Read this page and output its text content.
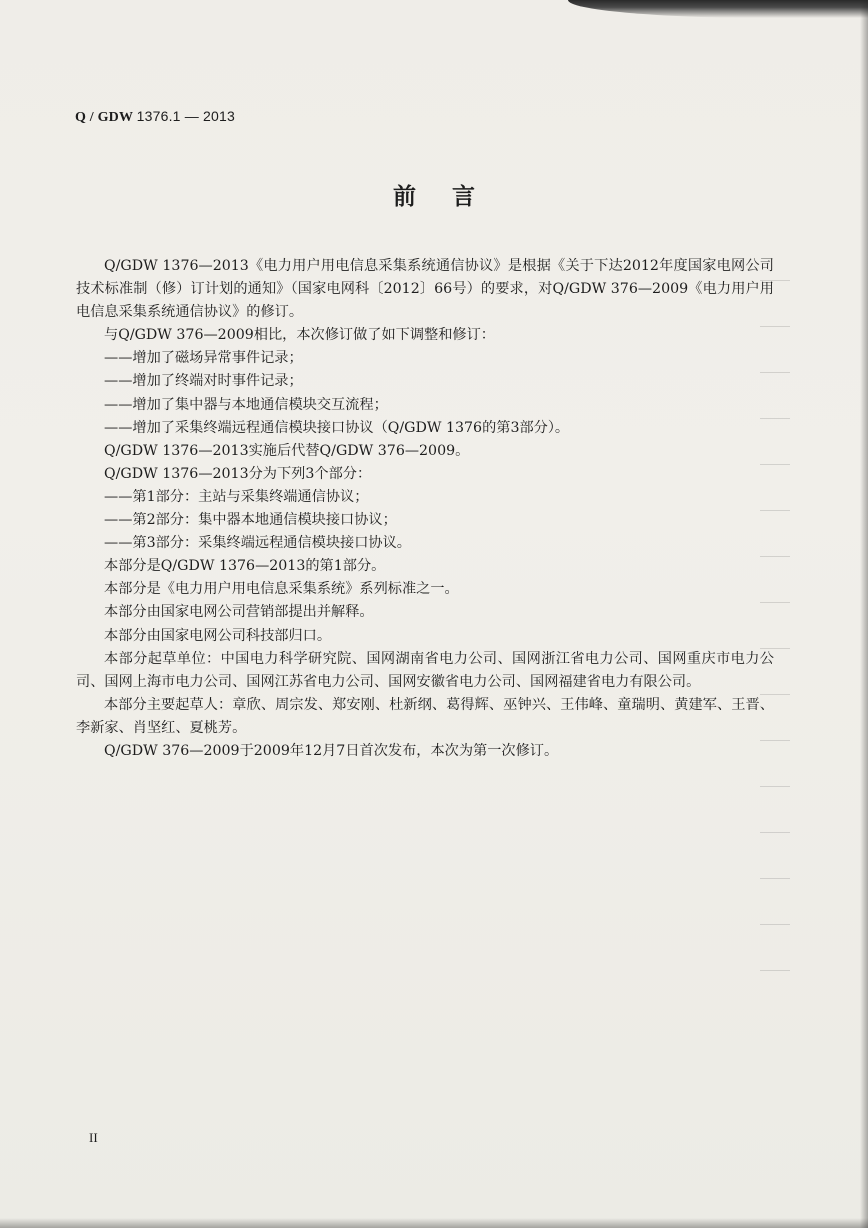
Q / GDW 1376.1 — 2013
前言

Q/GDW 1376—2013《电力用户用电信息采集系统通信协议》是根据《关于下达2012年度国家电网公司技术标准制（修）订计划的通知》（国家电网科〔2012〕66号）的要求，对Q/GDW 376—2009《电力用户用电信息采集系统通信协议》的修订。

与Q/GDW 376—2009相比，本次修订做了如下调整和修订：

——增加了磁场异常事件记录；

——增加了终端对时事件记录；

——增加了集中器与本地通信模块交互流程；

——增加了采集终端远程通信模块接口协议（Q/GDW 1376的第3部分）。

Q/GDW 1376—2013实施后代替Q/GDW 376—2009。

Q/GDW 1376—2013分为下列3个部分：

——第1部分：主站与采集终端通信协议；

——第2部分：集中器本地通信模块接口协议；

——第3部分：采集终端远程通信模块接口协议。

本部分是Q/GDW 1376—2013的第1部分。

本部分是《电力用户用电信息采集系统》系列标准之一。

本部分由国家电网公司营销部提出并解释。

本部分由国家电网公司科技部归口。

本部分起草单位：中国电力科学研究院、国网湖南省电力公司、国网浙江省电力公司、国网重庆市电力公司、国网上海市电力公司、国网江苏省电力公司、国网安徽省电力公司、国网福建省电力有限公司。

本部分主要起草人：章欣、周宗发、郑安刚、杜新纲、葛得辉、巫钟兴、王伟峰、童瑞明、黄建军、王晋、李新家、肖坚红、夏桃芳。

Q/GDW 376—2009于2009年12月7日首次发布，本次为第一次修订。

II
